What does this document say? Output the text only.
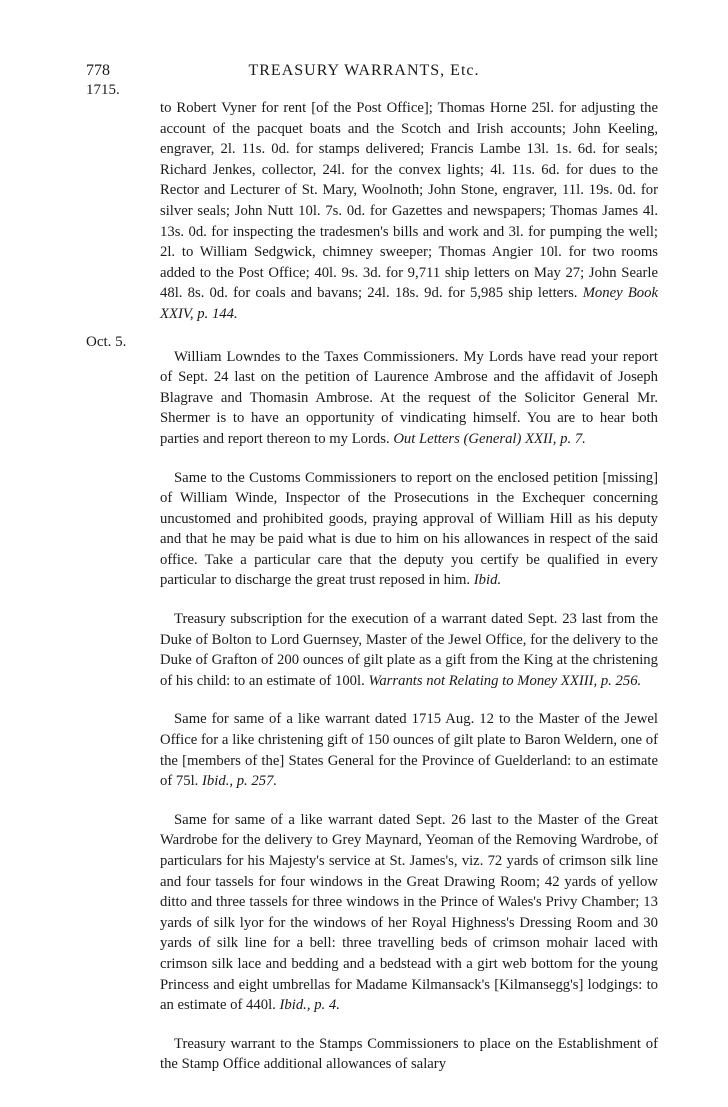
778	TREASURY WARRANTS, Etc.
1715.
Oct. 5.

to Robert Vyner for rent [of the Post Office]; Thomas Horne 25l. for adjusting the account of the pacquet boats and the Scotch and Irish accounts; John Keeling, engraver, 2l. 11s. 0d. for stamps delivered; Francis Lambe 13l. 1s. 6d. for seals; Richard Jenkes, collector, 24l. for the convex lights; 4l. 11s. 6d. for dues to the Rector and Lecturer of St. Mary, Woolnoth; John Stone, engraver, 11l. 19s. 0d. for silver seals; John Nutt 10l. 7s. 0d. for Gazettes and newspapers; Thomas James 4l. 13s. 0d. for inspecting the tradesmen's bills and work and 3l. for pumping the well; 2l. to William Sedgwick, chimney sweeper; Thomas Angier 10l. for two rooms added to the Post Office; 40l. 9s. 3d. for 9,711 ship letters on May 27; John Searle 48l. 8s. 0d. for coals and bavans; 24l. 18s. 9d. for 5,985 ship letters. Money Book XXIV, p. 144.

William Lowndes to the Taxes Commissioners. My Lords have read your report of Sept. 24 last on the petition of Laurence Ambrose and the affidavit of Joseph Blagrave and Thomasin Ambrose. At the request of the Solicitor General Mr. Shermer is to have an opportunity of vindicating himself. You are to hear both parties and report thereon to my Lords. Out Letters (General) XXII, p. 7.

Same to the Customs Commissioners to report on the enclosed petition [missing] of William Winde, Inspector of the Prosecutions in the Exchequer concerning uncustomed and prohibited goods, praying approval of William Hill as his deputy and that he may be paid what is due to him on his allowances in respect of the said office. Take a particular care that the deputy you certify be qualified in every particular to discharge the great trust reposed in him. Ibid.

Treasury subscription for the execution of a warrant dated Sept. 23 last from the Duke of Bolton to Lord Guernsey, Master of the Jewel Office, for the delivery to the Duke of Grafton of 200 ounces of gilt plate as a gift from the King at the christening of his child: to an estimate of 100l. Warrants not Relating to Money XXIII, p. 256.

Same for same of a like warrant dated 1715 Aug. 12 to the Master of the Jewel Office for a like christening gift of 150 ounces of gilt plate to Baron Weldern, one of the [members of the] States General for the Province of Guelderland: to an estimate of 75l. Ibid., p. 257.

Same for same of a like warrant dated Sept. 26 last to the Master of the Great Wardrobe for the delivery to Grey Maynard, Yeoman of the Removing Wardrobe, of particulars for his Majesty's service at St. James's, viz. 72 yards of crimson silk line and four tassels for four windows in the Great Drawing Room; 42 yards of yellow ditto and three tassels for three windows in the Prince of Wales's Privy Chamber; 13 yards of silk lyor for the windows of her Royal Highness's Dressing Room and 30 yards of silk line for a bell: three travelling beds of crimson mohair laced with crimson silk lace and bedding and a bedstead with a girt web bottom for the young Princess and eight umbrellas for Madame Kilmansack's [Kilmansegg's] lodgings: to an estimate of 440l. Ibid., p. 4.

Treasury warrant to the Stamps Commissioners to place on the Establishment of the Stamp Office additional allowances of salary
